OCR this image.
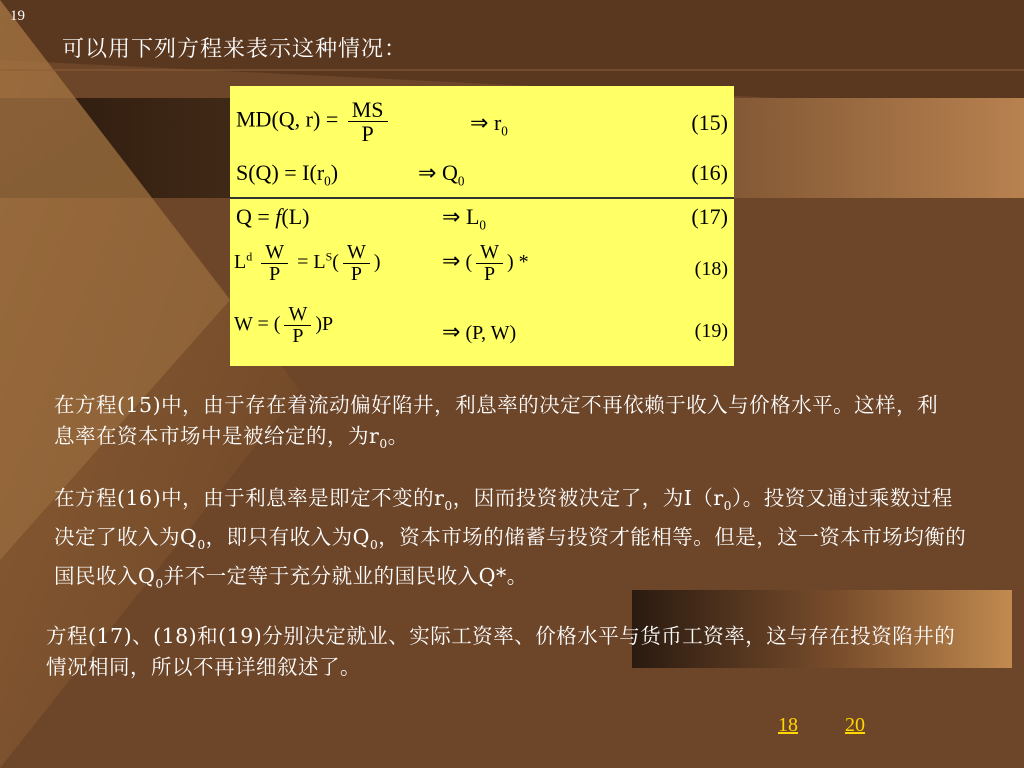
19
可以用下列方程来表示这种情况：
MD(Q, $r) = \frac{MS}{P}$	⇒ $r_0$	(15)
$S(Q) = I(r_0)$	⇒ $Q_0$	(16)
Q = f(L)	⇒ $L_0$	(17)
$L^d \frac{W}{P} = L^S( \frac{W}{P}$ )	⇒ ( $\frac{W}{P}$ ) *	(18)
W = ( $\frac{W}{P} )P$	⇒ (P, W)	(19)
在方程(15)中，由于存在着流动偏好陷井，利息率的决定不再依赖于收入与价格水平。这样，利息率在资本市场中是被给定的，为$r_0$。
在方程(16)中，由于利息率是即定不变的$r_0$，因而投资被决定了，为$I(r_0)$。投资又通过乘数过程决定了收入为$Q_0$，即只有收入为$Q_0$，资本市场的储蓄与投资才能相等。但是，这一资本市场均衡的国民收入$Q_0$并不一定等于充分就业的国民收入Q*。
方程(17)、(18)和(19)分别决定就业、实际工资率、价格水平与货币工资率，这与存在投资陷井的情况相同，所以不再详细叙述了。
18 20
